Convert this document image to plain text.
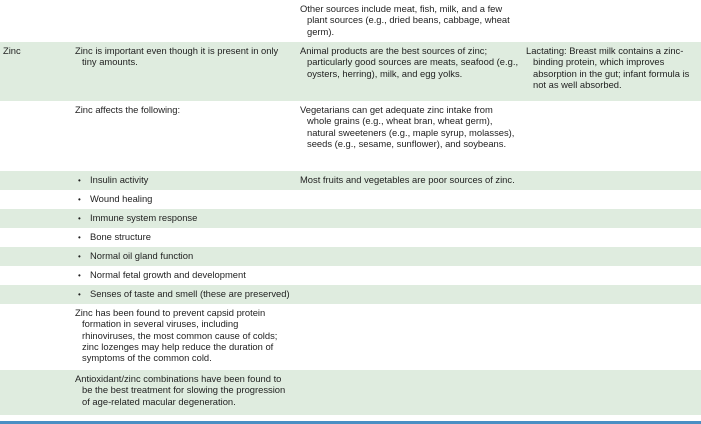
		Other sources include meat, fish, milk, and a few plant sources (e.g., dried beans, cabbage, wheat germ).	

Zinc	Zinc is important even though it is present in only tiny amounts.	Animal products are the best sources of zinc; particularly good sources are meats, seafood (e.g., oysters, herring), milk, and egg yolks.	Lactating: Breast milk contains a zinc-binding protein, which improves absorption in the gut; infant formula is not as well absorbed.

	Zinc affects the following:	Vegetarians can get adequate zinc intake from whole grains (e.g., wheat bran, wheat germ), natural sweeteners (e.g., maple syrup, molasses), seeds (e.g., sesame, sunflower), and soybeans.	

	• Insulin activity	Most fruits and vegetables are poor sources of zinc.	

	• Wound healing		
	• Immune system response		
	• Bone structure		
	• Normal oil gland function		
	• Normal fetal growth and development		
	• Senses of taste and smell (these are preserved)		

	Zinc has been found to prevent capsid protein formation in several viruses, including rhinoviruses, the most common cause of colds; zinc lozenges may help reduce the duration of symptoms of the common cold.		

	Antioxidant/zinc combinations have been found to be the best treatment for slowing the progression of age-related macular degeneration.		
